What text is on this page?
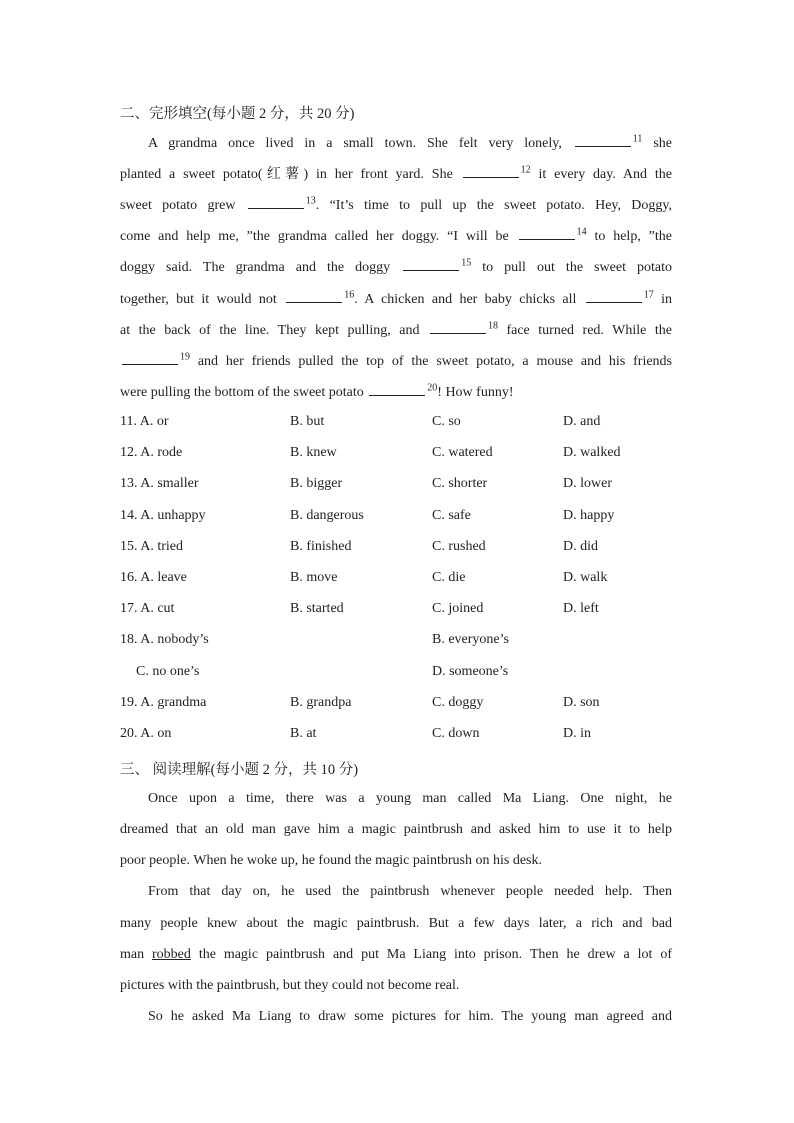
二、完形填空(每小题 2 分，共 20 分)
A grandma once lived in a small town. She felt very lonely,	$^{11}$ she
planted a sweet potato(红薯) in her front yard. She	$^{12}$ it every day. And the
sweet potato grew	$^{13}$. “It’s time to pull up the sweet potato. Hey, Doggy,
come and help me, ”the grandma called her doggy. “I will be	$^{14}$ to help, ”the
doggy said. The grandma and the doggy	$^{15}$ to pull out the sweet potato
together, but it would not	$^{16}$. A chicken and her baby chicks all	$^{17}$ in
at the back of the line. They kept pulling, and	$^{18}$ face turned red. While the
$^{19}$ and her friends pulled the top of the sweet potato, a mouse and his friends
were pulling the bottom of the sweet potato	$^{20}$! How funny!
11. A. or	B. but	C. so	D. and
12. A. rode	B. knew	C. watered	D. walked
13. A. smaller	B. bigger	C. shorter	D. lower
14. A. unhappy	B. dangerous	C. safe	D. happy
15. A. tried	B. finished	C. rushed	D. did
16. A. leave	B. move	C. die	D. walk
17. A. cut	B. started	C. joined	D. left
18. A. nobody’s	B. everyone’s
C. no one’s	D. someone’s
19. A. grandma	B. grandpa	C. doggy	D. son
20. A. on	B. at	C. down	D. in
三、 阅读理解(每小题 2 分，共 10 分)
Once upon a time, there was a young man called Ma Liang. One night, he
dreamed that an old man gave him a magic paintbrush and asked him to use it to help
poor people. When he woke up, he found the magic paintbrush on his desk.
From that day on, he used the paintbrush whenever people needed help. Then
many people knew about the magic paintbrush. But a few days later, a rich and bad
man robbed the magic paintbrush and put Ma Liang into prison. Then he drew a lot of
pictures with the paintbrush, but they could not become real.
So he asked Ma Liang to draw some pictures for him. The young man agreed and
